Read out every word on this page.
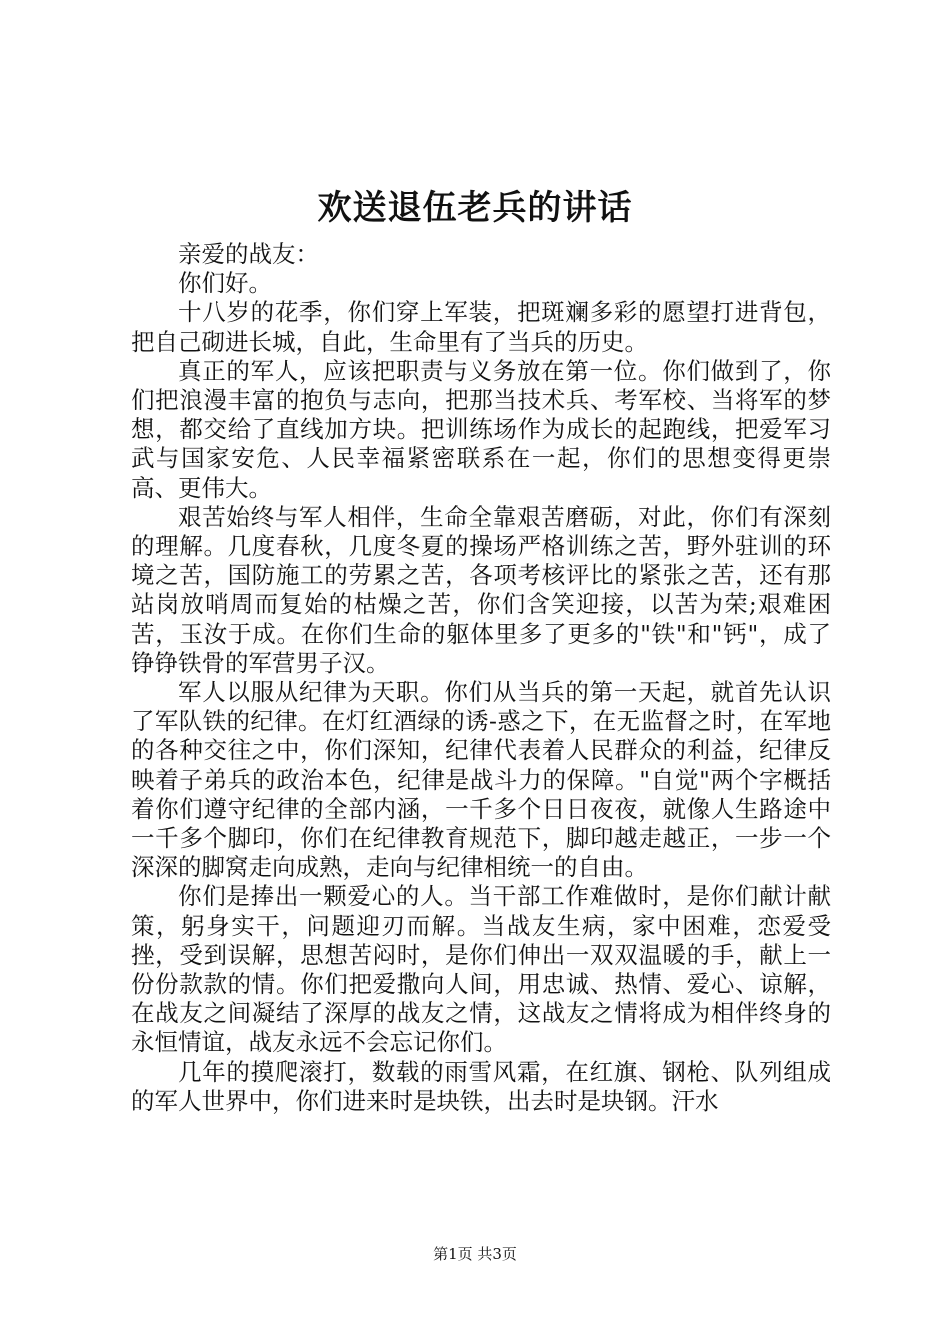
欢送退伍老兵的讲话

亲爱的战友：

你们好。

十八岁的花季，你们穿上军装，把斑斓多彩的愿望打进背包，把自己砌进长城，自此，生命里有了当兵的历史。

真正的军人，应该把职责与义务放在第一位。你们做到了，你们把浪漫丰富的抱负与志向，把那当技术兵、考军校、当将军的梦想，都交给了直线加方块。把训练场作为成长的起跑线，把爱军习武与国家安危、人民幸福紧密联系在一起，你们的思想变得更崇高、更伟大。

艰苦始终与军人相伴，生命全靠艰苦磨砺，对此，你们有深刻的理解。几度春秋，几度冬夏的操场严格训练之苦，野外驻训的环境之苦，国防施工的劳累之苦，各项考核评比的紧张之苦，还有那站岗放哨周而复始的枯燥之苦，你们含笑迎接，以苦为荣;艰难困苦，玉汝于成。在你们生命的躯体里多了更多的"铁"和"钙"，成了铮铮铁骨的军营男子汉。

军人以服从纪律为天职。你们从当兵的第一天起，就首先认识了军队铁的纪律。在灯红酒绿的诱-惑之下，在无监督之时，在军地的各种交往之中，你们深知，纪律代表着人民群众的利益，纪律反映着子弟兵的政治本色，纪律是战斗力的保障。"自觉"两个字概括着你们遵守纪律的全部内涵，一千多个日日夜夜，就像人生路途中一千多个脚印，你们在纪律教育规范下，脚印越走越正，一步一个深深的脚窝走向成熟，走向与纪律相统一的自由。

你们是捧出一颗爱心的人。当干部工作难做时，是你们献计献策，躬身实干，问题迎刃而解。当战友生病，家中困难，恋爱受挫，受到误解，思想苦闷时，是你们伸出一双双温暖的手，献上一份份款款的情。你们把爱撒向人间，用忠诚、热情、爱心、谅解，在战友之间凝结了深厚的战友之情，这战友之情将成为相伴终身的永恒情谊，战友永远不会忘记你们。

几年的摸爬滚打，数载的雨雪风霜，在红旗、钢枪、队列组成的军人世界中，你们进来时是块铁，出去时是块钢。汗水

第1页 共3页
